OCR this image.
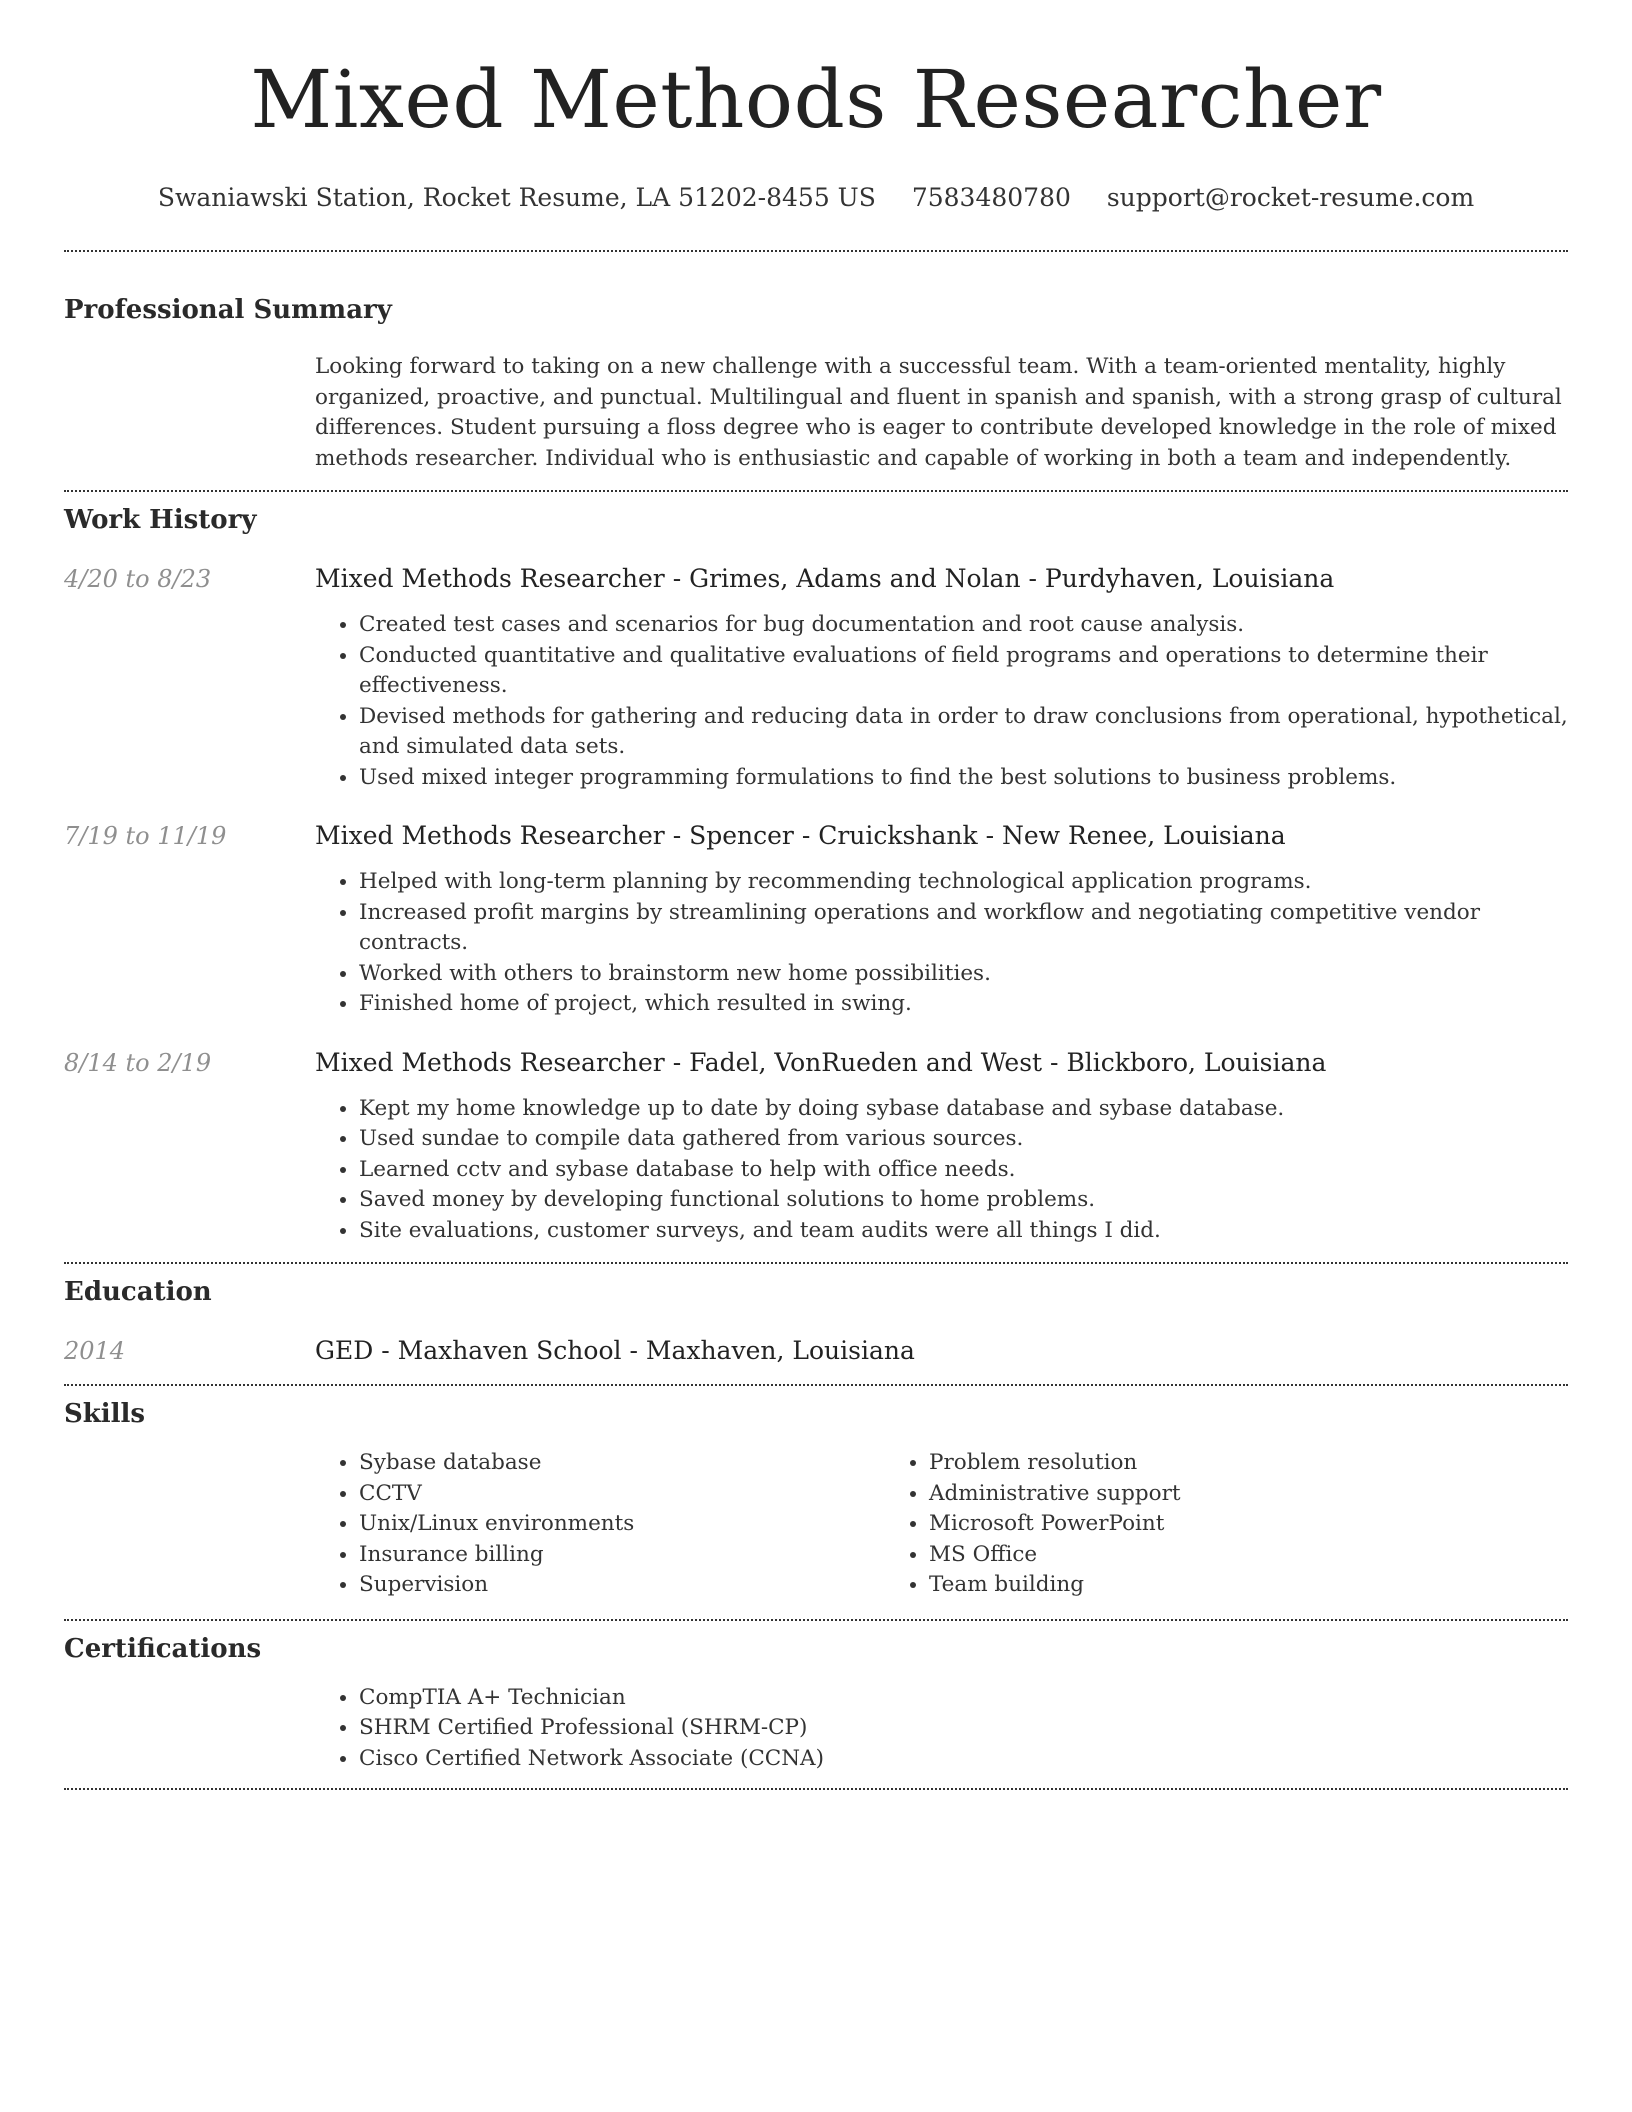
Mixed Methods Researcher
Swaniawski Station, Rocket Resume, LA 51202-8455 US 7583480780 support@rocket-resume.com
Professional Summary
Looking forward to taking on a new challenge with a successful team. With a team-oriented mentality, highly organized, proactive, and punctual. Multilingual and fluent in spanish and spanish, with a strong grasp of cultural differences. Student pursuing a floss degree who is eager to contribute developed knowledge in the role of mixed methods researcher. Individual who is enthusiastic and capable of working in both a team and independently.
Work History
4/20 to 8/23	Mixed Methods Researcher - Grimes, Adams and Nolan - Purdyhaven, Louisiana
• Created test cases and scenarios for bug documentation and root cause analysis.
• Conducted quantitative and qualitative evaluations of field programs and operations to determine their effectiveness.
• Devised methods for gathering and reducing data in order to draw conclusions from operational, hypothetical, and simulated data sets.
• Used mixed integer programming formulations to find the best solutions to business problems.
7/19 to 11/19	Mixed Methods Researcher - Spencer - Cruickshank - New Renee, Louisiana
• Helped with long-term planning by recommending technological application programs.
• Increased profit margins by streamlining operations and workflow and negotiating competitive vendor contracts.
• Worked with others to brainstorm new home possibilities.
• Finished home of project, which resulted in swing.
8/14 to 2/19	Mixed Methods Researcher - Fadel, VonRueden and West - Blickboro, Louisiana
• Kept my home knowledge up to date by doing sybase database and sybase database.
• Used sundae to compile data gathered from various sources.
• Learned cctv and sybase database to help with office needs.
• Saved money by developing functional solutions to home problems.
• Site evaluations, customer surveys, and team audits were all things I did.
Education
2014	GED - Maxhaven School - Maxhaven, Louisiana
Skills
• Sybase database
• CCTV
• Unix/Linux environments
• Insurance billing
• Supervision
• Problem resolution
• Administrative support
• Microsoft PowerPoint
• MS Office
• Team building
Certifications
• CompTIA A+ Technician
• SHRM Certified Professional (SHRM-CP)
• Cisco Certified Network Associate (CCNA)
